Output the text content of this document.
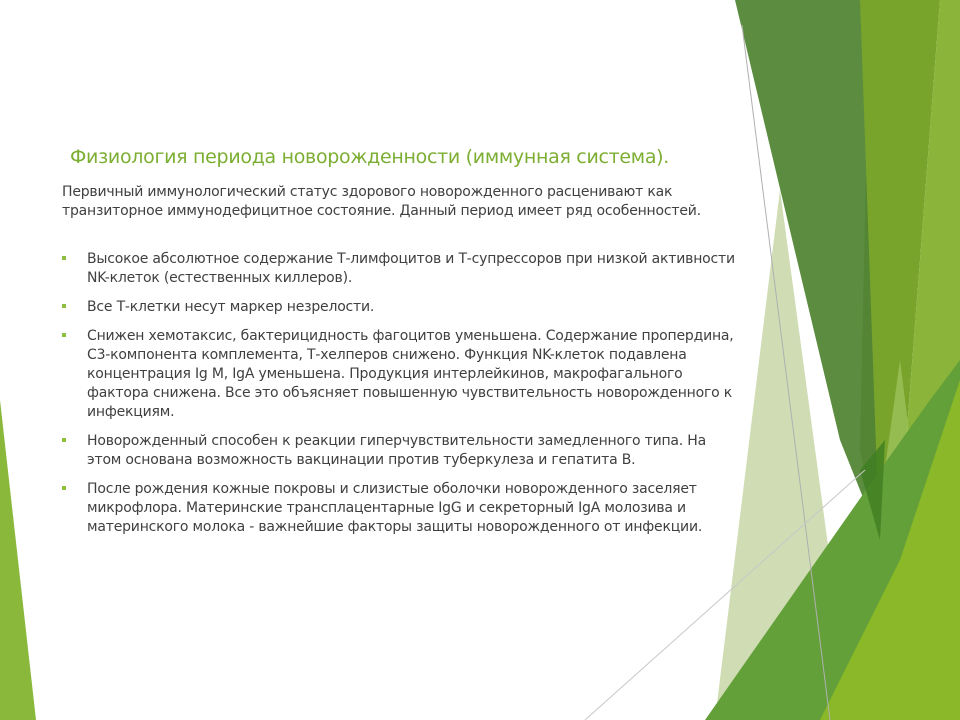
Физиология периода новорожденности (иммунная система).
Первичный иммунологический статус здорового новорожденного расценивают как транзиторное иммунодефицитное состояние. Данный период имеет ряд особенностей.
Высокое абсолютное содержание Т-лимфоцитов и Т-супрессоров при низкой активности NK-клеток (естественных киллеров).
Все Т-клетки несут маркер незрелости.
Снижен хемотаксис, бактерицидность фагоцитов уменьшена. Содержание пропердина, С3-компонента комплемента, Т-хелперов снижено. Функция NK-клеток подавлена концентрация Ig M, IgA уменьшена. Продукция интерлейкинов, макрофагального фактора снижена. Все это объясняет повышенную чувствительность новорожденного к инфекциям.
Новорожденный способен к реакции гиперчувствительности замедленного типа. На этом основана возможность вакцинации против туберкулеза и гепатита В.
После рождения кожные покровы и слизистые оболочки новорожденного заселяет микрофлора. Материнские трансплацентарные IgG и секреторный IgA молозива и материнского молока - важнейшие факторы защиты новорожденного от инфекции.
